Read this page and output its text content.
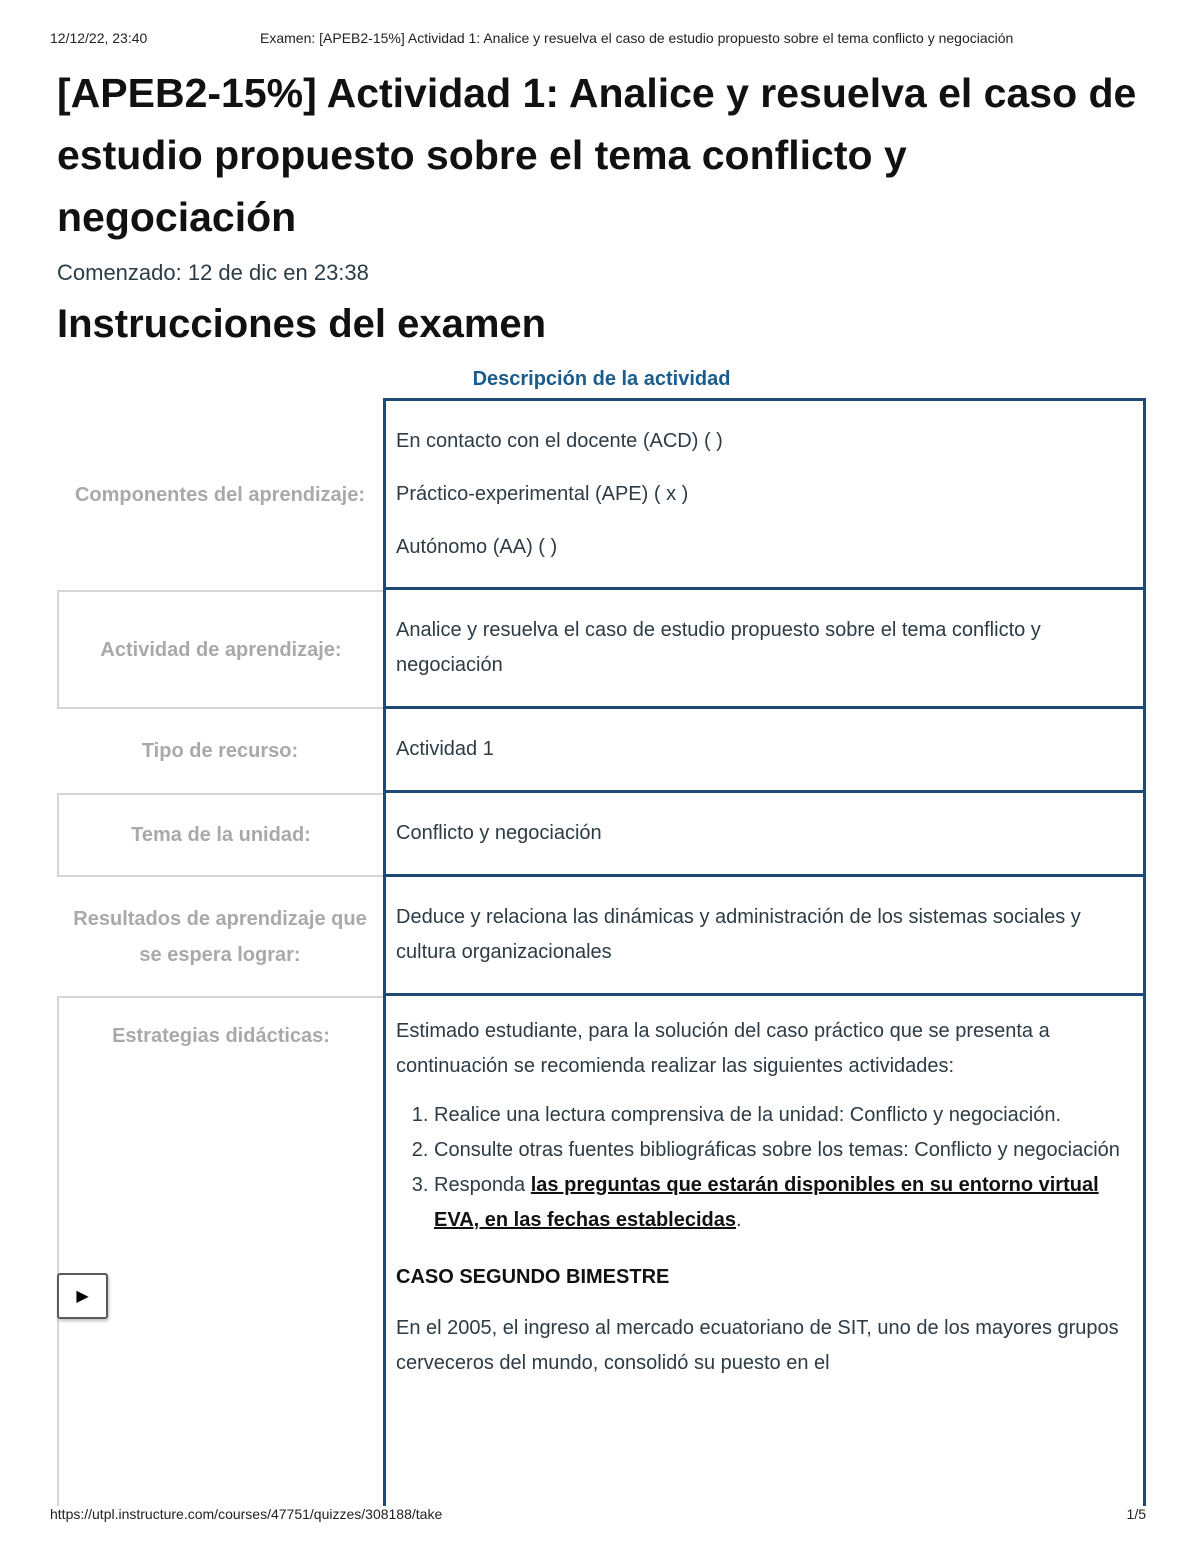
12/12/22, 23:40	Examen: [APEB2-15%] Actividad 1: Analice y resuelva el caso de estudio propuesto sobre el tema conflicto y negociación
[APEB2-15%] Actividad 1: Analice y resuelva el caso de estudio propuesto sobre el tema conflicto y negociación
Comenzado: 12 de dic en 23:38
Instrucciones del examen
Descripción de la actividad
Componentes del aprendizaje:

En contacto con el docente (ACD) ( )

Práctico-experimental (APE) ( x )

Autónomo (AA) ( )

Actividad de aprendizaje:

Analice y resuelva el caso de estudio propuesto sobre el tema conflicto y negociación

Tipo de recurso:	Actividad 1

Tema de la unidad:	Conflicto y negociación

Resultados de aprendizaje que se espera lograr:

Deduce y relaciona las dinámicas y administración de los sistemas sociales y cultura organizacionales

Estrategias didácticas:	Estimado estudiante, para la solución del caso práctico que se presenta a continuación se recomienda realizar las siguientes actividades:

1. Realice una lectura comprensiva de la unidad: Conflicto y negociación.
2. Consulte otras fuentes bibliográficas sobre los temas: Conflicto y negociación
3. Responda las preguntas que estarán disponibles en su entorno virtual EVA, en las fechas establecidas.

CASO SEGUNDO BIMESTRE

En el 2005, el ingreso al mercado ecuatoriano de SIT, uno de los mayores grupos cerveceros del mundo, consolidó su puesto en el

▶
https://utpl.instructure.com/courses/47751/quizzes/308188/take	1/5
